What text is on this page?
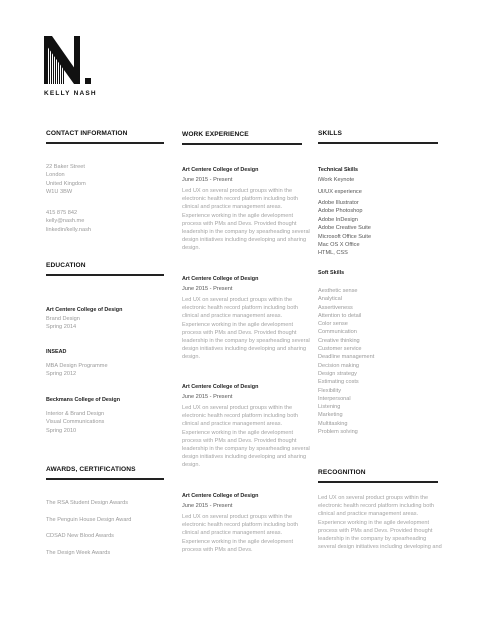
KELLY NASH
CONTACT INFORMATION
22 Baker Street
London
United Kingdom
W1U 3BW
415 875 842
kelly@nash.me
linkedin/kelly.nash
EDUCATION
Art Centere College of Design
Brand Design
Spring 2014
INSEAD
MBA Design Programme
Spring 2012
Beckmans College of Design
Interior & Brand Design
Visual Communications
Spring 2010
AWARDS, CERTIFICATIONS
The RSA Student Design Awards
The Penguin House Design Award
CDSAD New Blood Awards
The Design Week Awards
WORK EXPERIENCE
Art Centere College of Design
June 2015 - Present
Led UX on several product groups within the electronic health record platform including both clinical and practice management areas. Experience working in the agile development process with PMs and Devs. Provided thought leadership in the company by spearheading several design initiatives including developing and sharing design.
Art Centere College of Design
June 2015 - Present
Led UX on several product groups within the electronic health record platform including both clinical and practice management areas. Experience working in the agile development process with PMs and Devs. Provided thought leadership in the company by spearheading several design initiatives including developing and sharing design.
Art Centere College of Design
June 2015 - Present
Led UX on several product groups within the electronic health record platform including both clinical and practice management areas. Experience working in the agile development process with PMs and Devs. Provided thought leadership in the company by spearheading several design initiatives including developing and sharing design.
Art Centere College of Design
June 2015 - Present
Led UX on several product groups within the electronic health record platform including both clinical and practice management areas. Experience working in the agile development process with PMs and Devs.
SKILLS
Technical Skills
iWork Keynote
UI/UX experience
Adobe Illustrator
Adobe Photoshop
Adobe InDesign
Adobe Creative Suite
Microsoft Office Suite
Mac OS X Office
HTML, CSS
Soft Skills
Aesthetic sense
Analytical
Assertiveness
Attention to detail
Color sense
Communication
Creative thinking
Customer service
Deadline management
Decision making
Design strategy
Estimating costs
Flexibility
Interpersonal
Listening
Marketing
Multitasking
Problem solving
RECOGNITION
Led UX on several product groups within the electronic health record platform including both clinical and practice management areas. Experience working in the agile development process with PMs and Devs. Provided thought leadership in the company by spearheading several design initiatives including developing and
